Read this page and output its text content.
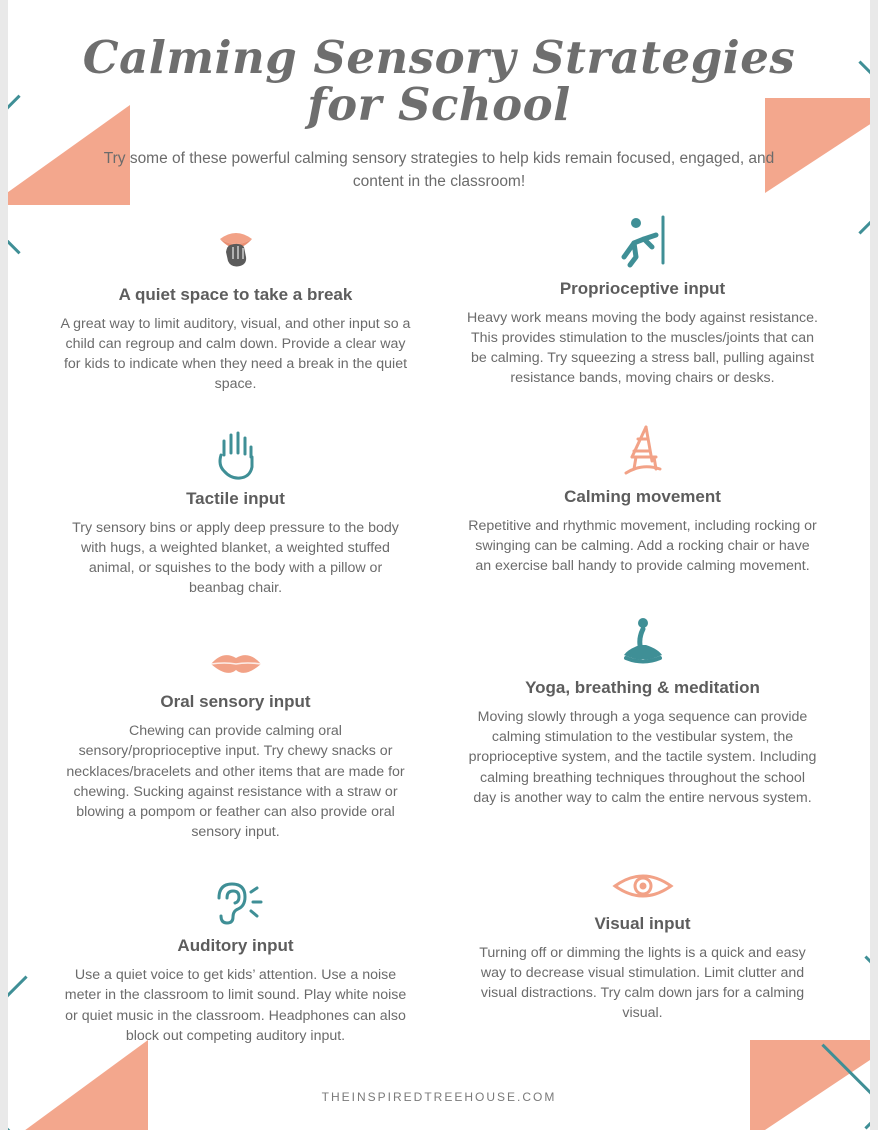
Calming Sensory Strategies for School

Try some of these powerful calming sensory strategies to help kids remain focused, engaged, and content in the classroom!

A quiet space to take a break

A great way to limit auditory, visual, and other input so a child can regroup and calm down. Provide a clear way for kids to indicate when they need a break in the quiet space.

Tactile input

Try sensory bins or apply deep pressure to the body with hugs, a weighted blanket, a weighted stuffed animal, or squishes to the body with a pillow or beanbag chair.

Oral sensory input

Chewing can provide calming oral sensory/proprioceptive input. Try chewy snacks or necklaces/bracelets and other items that are made for chewing. Sucking against resistance with a straw or blowing a pompom or feather can also provide oral sensory input.

Auditory input

Use a quiet voice to get kids’ attention. Use a noise meter in the classroom to limit sound. Play white noise or quiet music in the classroom. Headphones can also block out competing auditory input.

Proprioceptive input

Heavy work means moving the body against resistance. This provides stimulation to the muscles/joints that can be calming. Try squeezing a stress ball, pulling against resistance bands, moving chairs or desks.

Calming movement

Repetitive and rhythmic movement, including rocking or swinging can be calming. Add a rocking chair or have an exercise ball handy to provide calming movement.

Yoga, breathing & meditation

Moving slowly through a yoga sequence can provide calming stimulation to the vestibular system, the proprioceptive system, and the tactile system. Including calming breathing techniques throughout the school day is another way to calm the entire nervous system.

Visual input

Turning off or dimming the lights is a quick and easy way to decrease visual stimulation. Limit clutter and visual distractions. Try calm down jars for a calming visual.

THEINSPIREDTREEHOUSE.COM
